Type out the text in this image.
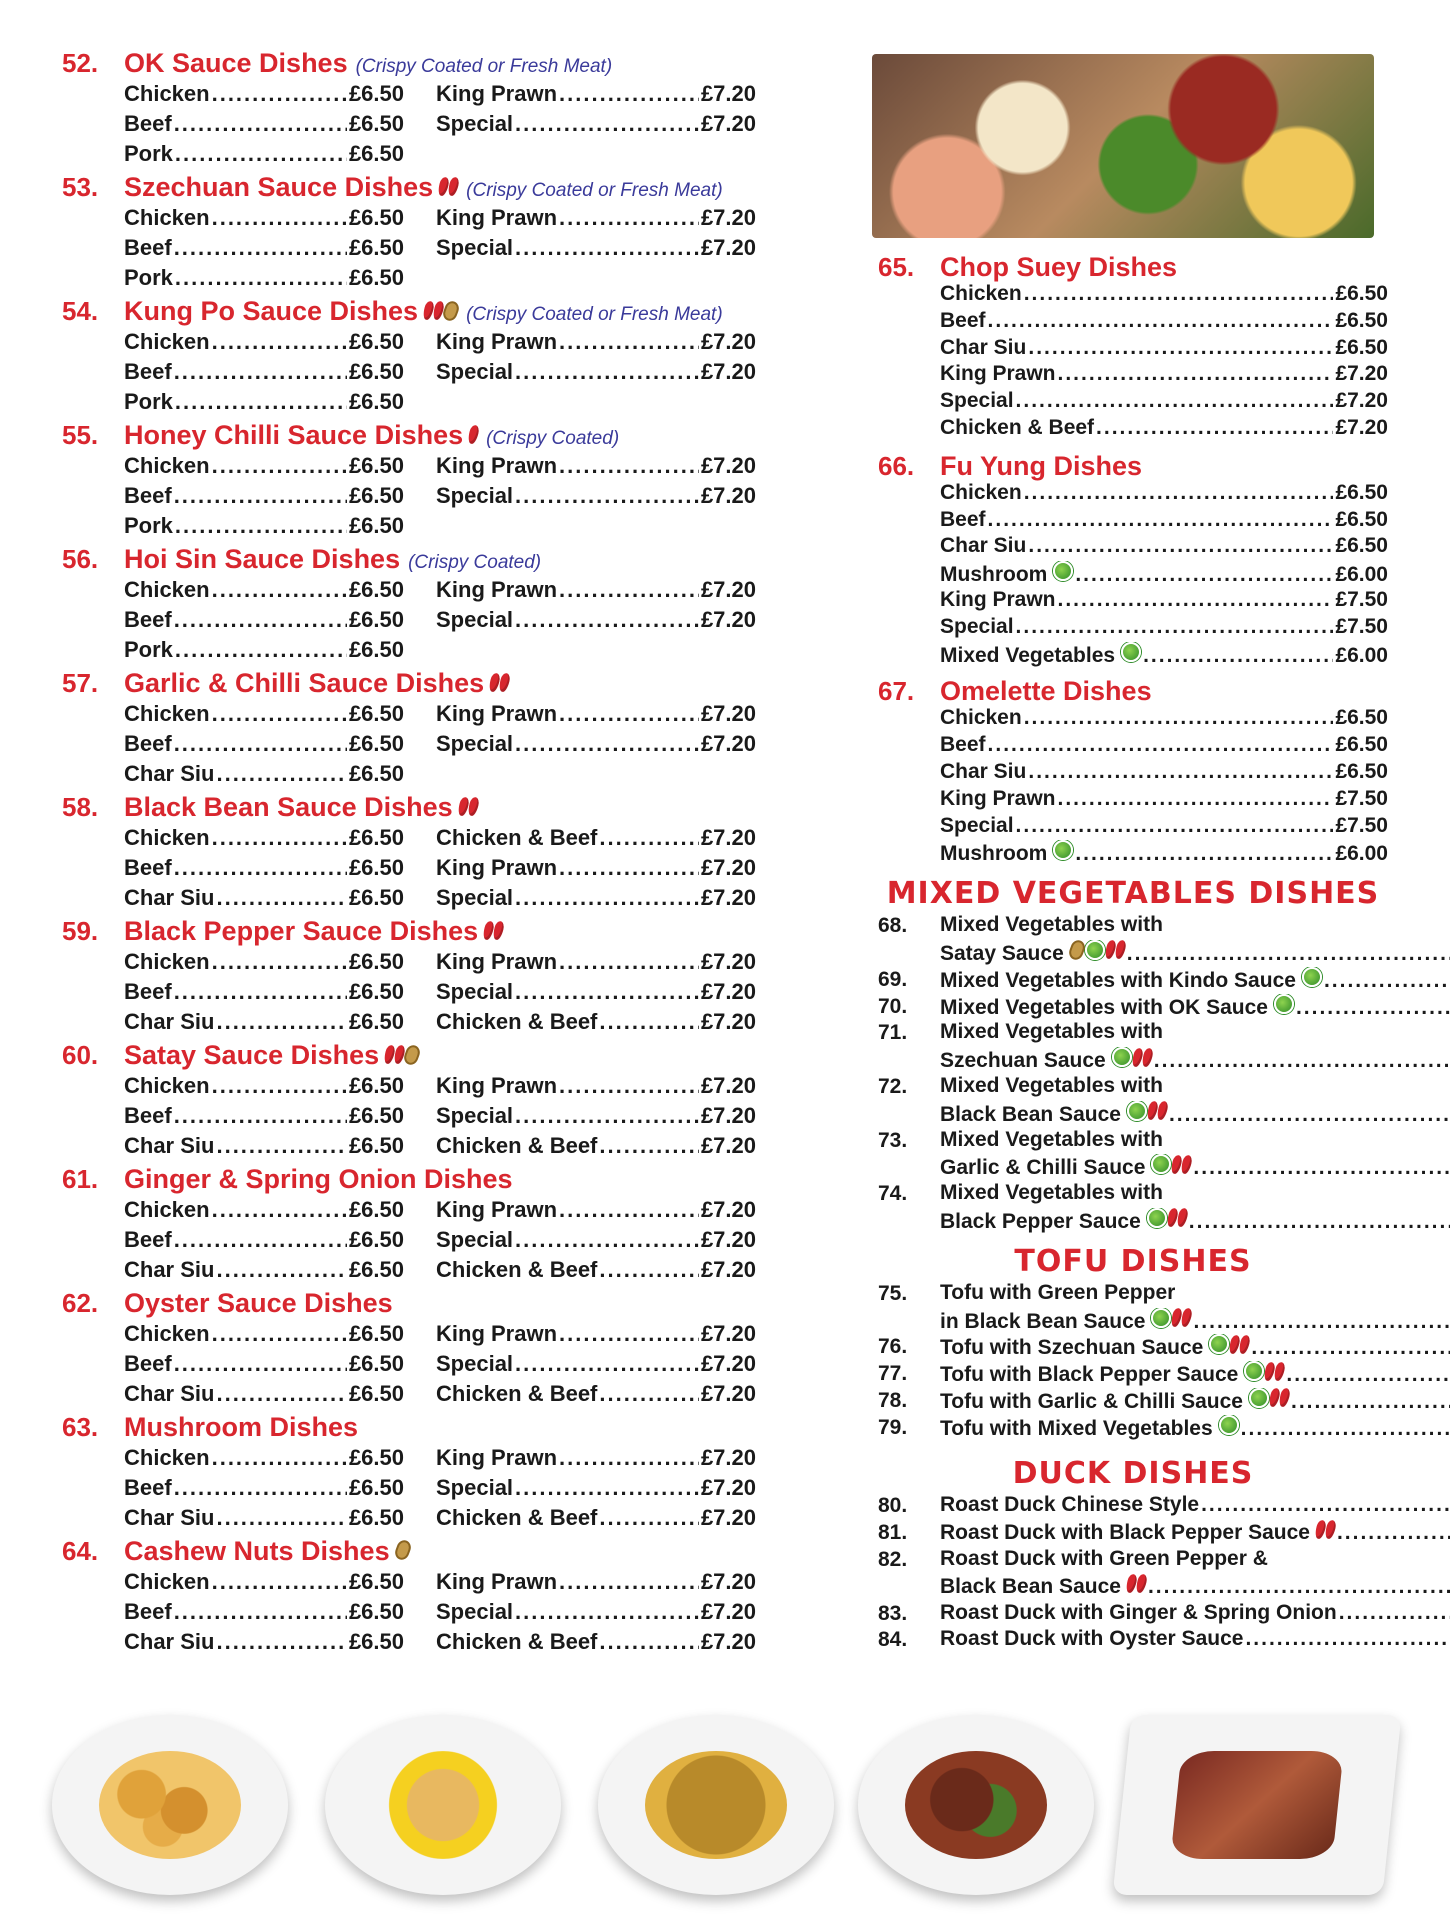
52. OK Sauce Dishes (Crispy Coated or Fresh Meat)
Chicken .....	£6.50 King Prawn .....	£7.20
Beef .....	£6.50 Special .....	£7.20
Pork .....	£6.50
53. Szechuan Sauce Dishes (Crispy Coated or Fresh Meat)
Chicken .....	£6.50 King Prawn .....	£7.20
Beef .....	£6.50 Special .....	£7.20
Pork .....	£6.50
54. Kung Po Sauce Dishes	(Crispy Coated or Fresh Meat)
Chicken .....	£6.50 King Prawn .....	£7.20
Beef .....	£6.50 Special .....	£7.20
Pork .....	£6.50
55. Honey Chilli Sauce Dishes (Crispy Coated)
Chicken .....	£6.50 King Prawn .....	£7.20
Beef .....	£6.50 Special .....	£7.20
Pork .....	£6.50
56. Hoi Sin Sauce Dishes (Crispy Coated)
Chicken .....	£6.50 King Prawn .....	£7.20
Beef .....	£6.50 Special .....	£7.20
Pork .....	£6.50
57. Garlic & Chilli Sauce Dishes
Chicken .....	£6.50 King Prawn .....	£7.20
Beef .....	£6.50 Special .....	£7.20
Char Siu .....	£6.50
58. Black Bean Sauce Dishes
Chicken .....	£6.50 Chicken & Beef .....	£7.20
Beef .....	£6.50 King Prawn .....	£7.20
Char Siu .....	£6.50 Special .....	£7.20
59. Black Pepper Sauce Dishes
Chicken .....	£6.50 King Prawn .....	£7.20
Beef .....	£6.50 Special .....	£7.20
Char Siu .....	£6.50 Chicken & Beef .....	£7.20
60. Satay Sauce Dishes
Chicken .....	£6.50 King Prawn .....	£7.20
Beef .....	£6.50 Special .....	£7.20
Char Siu .....	£6.50 Chicken & Beef .....	£7.20
61. Ginger & Spring Onion Dishes
Chicken .....	£6.50 King Prawn .....	£7.20
Beef .....	£6.50 Special .....	£7.20
Char Siu .....	£6.50 Chicken & Beef .....	£7.20
62. Oyster Sauce Dishes
Chicken .....	£6.50 King Prawn .....	£7.20
Beef .....	£6.50 Special .....	£7.20
Char Siu .....	£6.50 Chicken & Beef .....	£7.20
63. Mushroom Dishes
Chicken .....	£6.50 King Prawn .....	£7.20
Beef .....	£6.50 Special .....	£7.20
Char Siu .....	£6.50 Chicken & Beef .....	£7.20
64. Cashew Nuts Dishes
Chicken .....	£6.50 King Prawn .....	£7.20
Beef .....	£6.50 Special .....	£7.20
Char Siu .....	£6.50 Chicken & Beef .....	£7.20
65. Chop Suey Dishes
Chicken .....	£6.50
Beef .....	£6.50
Char Siu .....	£6.50
King Prawn .....	£7.20
Special .....	£7.20
Chicken & Beef .....	£7.20
66. Fu Yung Dishes
Chicken .....	£6.50
Beef .....	£6.50
Char Siu .....	£6.50
Mushroom .....	£6.00
King Prawn .....	£7.50
Special .....	£7.50
Mixed Vegetables .....	£6.00
67. Omelette Dishes
Chicken .....	£6.50
Beef .....	£6.50
Char Siu .....	£6.50
King Prawn .....	£7.50
Special .....	£7.50
Mushroom .....	£6.00
MIXED VEGETABLES DISHES
68.	Mixed Vegetables with
Satay Sauce
.....
69.	Mixed Vegetables with Kindo Sauce
.....
70.	Mixed Vegetables with OK Sauce
.....
71.	Mixed Vegetables with
Szechuan Sauce
.....
72.	Mixed Vegetables with
Black Bean Sauce
.....
73.	Mixed Vegetables with
Garlic & Chilli Sauce
.....
74.	Mixed Vegetables with
Black Pepper Sauce
.....
TOFU DISHES
75.	Tofu with Green Pepper
in Black Bean Sauce
.....
76.	Tofu with Szechuan Sauce
.....
77.	Tofu with Black Pepper Sauce
.....
78.	Tofu with Garlic & Chilli Sauce
.....
79.	Tofu with Mixed Vegetables
.....
DUCK DISHES
80.	Roast Duck Chinese Style
.....
81.	Roast Duck with Black Pepper Sauce
.....
82.	Roast Duck with Green Pepper &
Black Bean Sauce
.....
83.	Roast Duck with Ginger & Spring Onion
.....
84.	Roast Duck with Oyster Sauce
.....
